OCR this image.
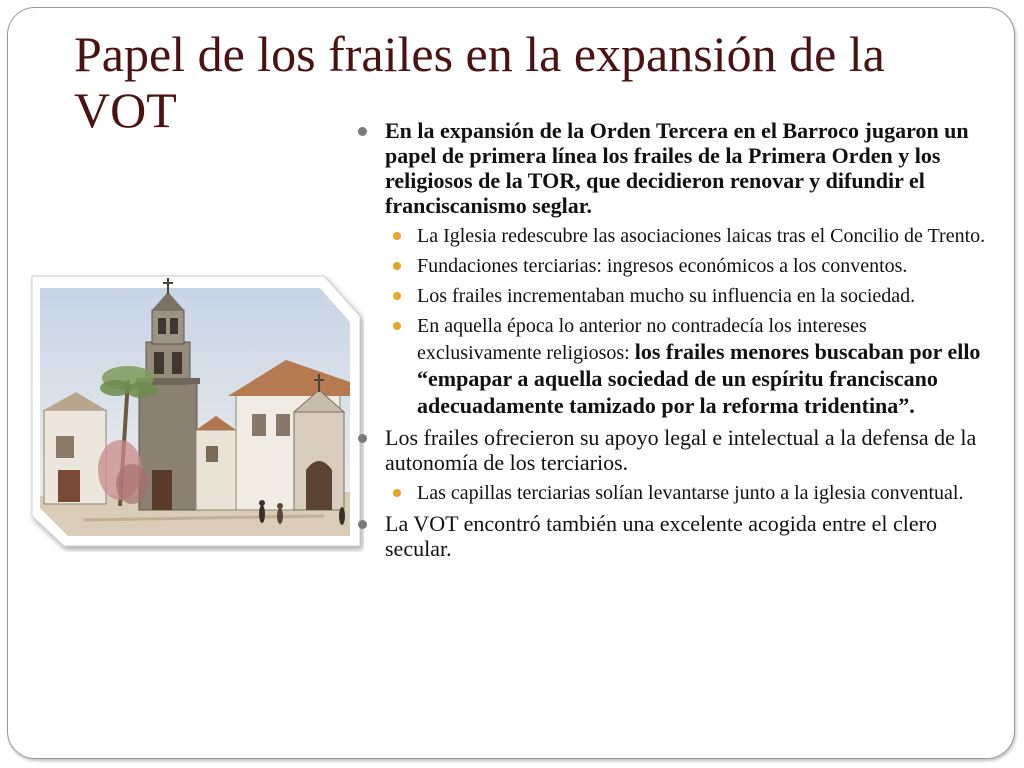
Papel de los frailes en la expansión de la VOT	En la expansión de la Orden Tercera en el Barroco jugaron un papel de primera línea los frailes de la Primera Orden y los religiosos de la TOR, que decidieron renovar y difundir el franciscanismo seglar.
La Iglesia redescubre las asociaciones laicas tras el Concilio de Trento.
Fundaciones terciarias: ingresos económicos a los conventos.
Los frailes incrementaban mucho su influencia en la sociedad.
En aquella época lo anterior no contradecía los intereses exclusivamente religiosos: los frailes menores buscaban por ello “empapar a aquella sociedad de un espíritu franciscano adecuadamente tamizado por la reforma tridentina”.
Los frailes ofrecieron su apoyo legal e intelectual a la defensa de la autonomía de los terciarios.
Las capillas terciarias solían levantarse junto a la iglesia conventual.
La VOT encontró también una excelente acogida entre el clero secular.
